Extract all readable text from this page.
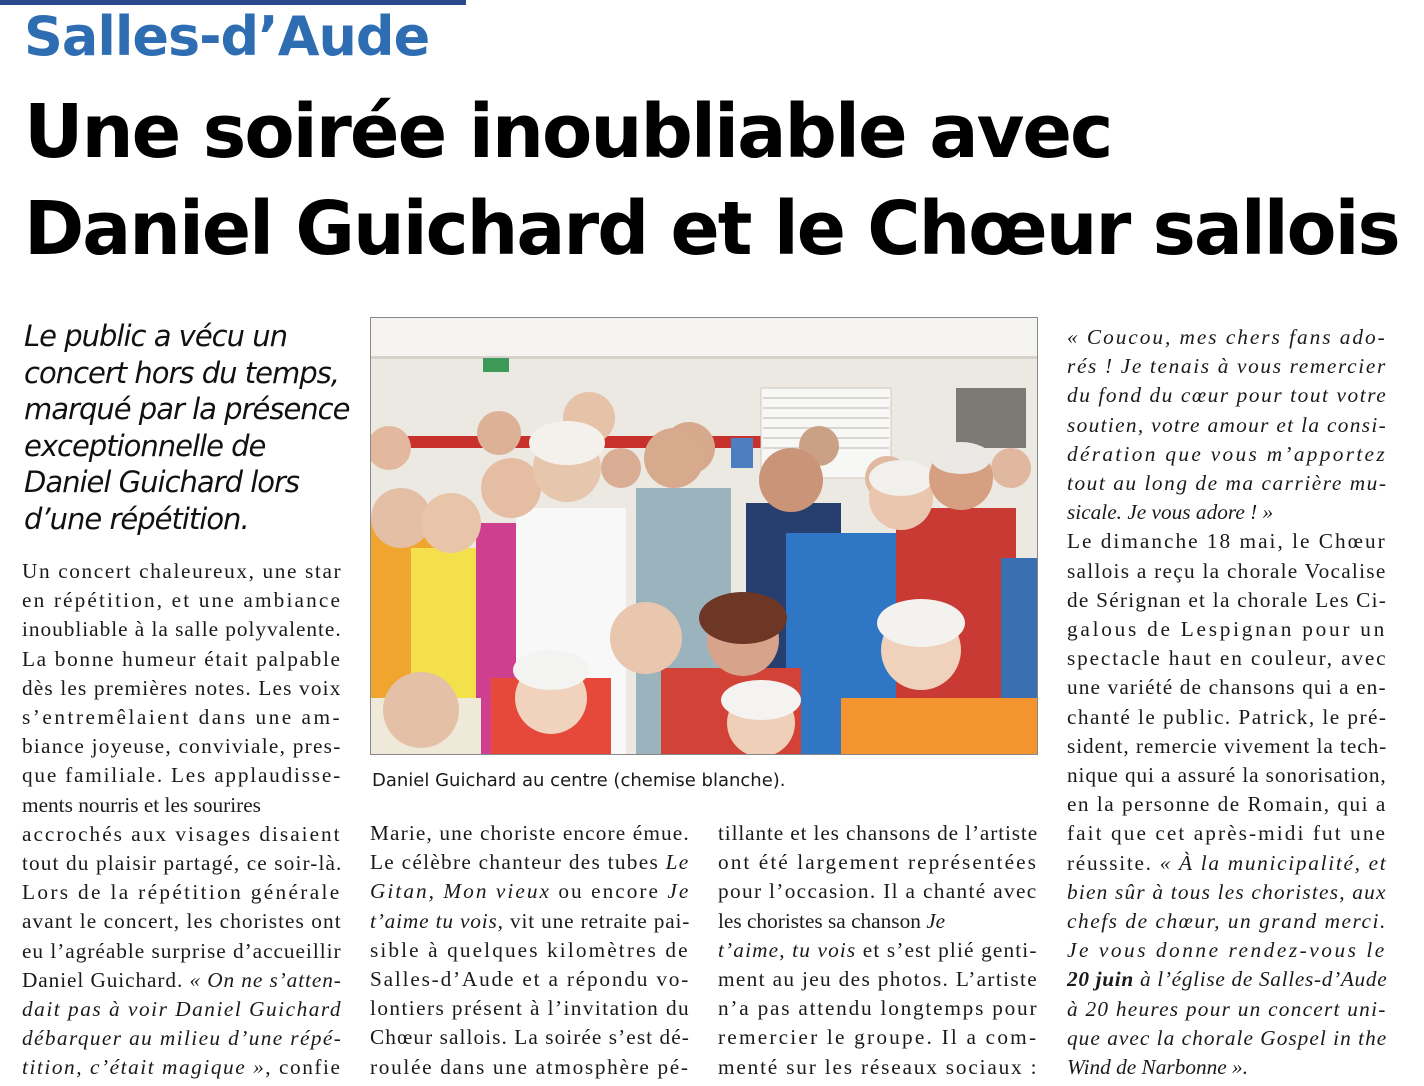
Salles-d’Aude
Une soirée inoubliable avec
Daniel Guichard et le Chœur sallois
Le public a vécu un
concert hors du temps,
marqué par la présence
exceptionnelle de
Daniel Guichard lors
d’une répétition.
Daniel Guichard au centre (chemise blanche).

Un concert chaleureux, une star

en répétition, et une ambiance

inoubliable à la salle polyvalente.

La bonne humeur était palpable

dès les premières notes. Les voix

s’entremêlaient dans une am-

biance joyeuse, conviviale, pres-

que familiale. Les applaudisse-

ments nourris et les sourires

accrochés aux visages disaient

tout du plaisir partagé, ce soir-là.

Lors de la répétition générale

avant le concert, les choristes ont

eu l’agréable surprise d’accueillir

Daniel Guichard. « On ne s’atten-

dait pas à voir Daniel Guichard

débarquer au milieu d’une répé-

tition, c’était magique », confie

Marie, une choriste encore émue.

Le célèbre chanteur des tubes Le

Gitan, Mon vieux ou encore Je

t’aime tu vois, vit une retraite pai-

sible à quelques kilomètres de

Salles-d’Aude et a répondu vo-

lontiers présent à l’invitation du

Chœur sallois. La soirée s’est dé-

roulée dans une atmosphère pé-

tillante et les chansons de l’artiste

ont été largement représentées

pour l’occasion. Il a chanté avec

les choristes sa chanson Je

t’aime, tu vois et s’est plié genti-

ment au jeu des photos. L’artiste

n’a pas attendu longtemps pour

remercier le groupe. Il a com-

menté sur les réseaux sociaux :

« Coucou, mes chers fans ado-

rés ! Je tenais à vous remercier

du fond du cœur pour tout votre

soutien, votre amour et la consi-

dération que vous m’apportez

tout au long de ma carrière mu-

sicale. Je vous adore ! »

Le dimanche 18 mai, le Chœur

sallois a reçu la chorale Vocalise

de Sérignan et la chorale Les Ci-

galous de Lespignan pour un

spectacle haut en couleur, avec

une variété de chansons qui a en-

chanté le public. Patrick, le pré-

sident, remercie vivement la tech-

nique qui a assuré la sonorisation,

en la personne de Romain, qui a

fait que cet après-midi fut une

réussite. « À la municipalité, et

bien sûr à tous les choristes, aux

chefs de chœur, un grand merci.

Je vous donne rendez-vous le

20 juin à l’église de Salles-d’Aude

à 20 heures pour un concert uni-

que avec la chorale Gospel in the

Wind de Narbonne ».
